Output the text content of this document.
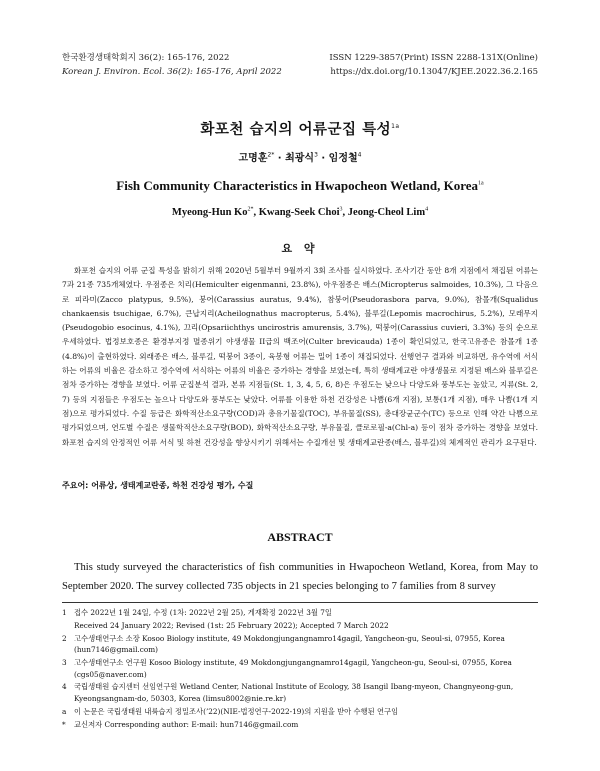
한국환경생태학회지 36(2): 165-176, 2022
Korean J. Environ. Ecol. 36(2): 165-176, April 2022
ISSN 1229-3857(Print) ISSN 2288-131X(Online)
https://dx.doi.org/10.13047/KJEE.2022.36.2.165
화포천 습지의 어류군집 특성$^{1a}$
고명훈$^{2*}$ · 최광식$^3$ · 임정철$^4$
Fish Community Characteristics in Hwapocheon Wetland, Korea$^{1a}$
Myeong-Hun $Ko^{2*}$, Kwang-Seek Choi$^3$, Jeong-Cheol Lim$^4$
요 약

화포천 습지의 어류 군집 특성을 밝히기 위해 2020년 5월부터 9월까지 3회 조사를 실시하였다. 조사기간 동안 8개 지점에서 채집된 어류는 7과 21종 735개체였다. 우점종은 치리(Hemiculter eigenmanni, 23.8%), 아우점종은 배스(Micropterus salmoides, 10.3%), 그 다음으로 피라미(Zacco platypus, 9.5%), 붕어(Carassius auratus, 9.4%), 참붕어(Pseudorasbora parva, 9.0%), 참몰개(Squalidus chankaensis tsuchigae, 6.7%), 큰납지리(Acheilognathus macropterus, 5.4%), 블루길(Lepomis macrochirus, 5.2%), 모래무지(Pseudogobio esocinus, 4.1%), 끄리(Opsariichthys uncirostris amurensis, 3.7%), 떡붕어(Carassius cuvieri, 3.3%) 등의 순으로 우세하였다. 법정보호종은 환경부지정 멸종위기 야생생물 II급의 백조어(Culter brevicauda) 1종이 확인되었고, 한국고유종은 참몰개 1종(4.8%)이 출현하였다. 외래종은 배스, 블루길, 떡붕어 3종이, 육봉형 어류는 밀어 1종이 채집되었다. 선행연구 결과와 비교하면, 유수역에 서식하는 어류의 비율은 감소하고 정수역에 서식하는 어류의 비율은 증가하는 경향을 보였는데, 특히 생태계교란 야생생물로 지정된 배스와 블루길은 점차 증가하는 경향을 보였다. 어류 군집분석 결과, 본류 지점들(St. 1, 3, 4, 5, 6, 8)은 우점도는 낮으나 다양도와 풍부도는 높았고, 지류(St. 2, 7) 등의 지점들은 우점도는 높으나 다양도와 풍부도는 낮았다. 어류를 이용한 하천 건강성은 나쁨(6개 지점), 보통(1개 지점), 매우 나쁨(1개 지점)으로 평가되었다. 수질 등급은 화학적산소요구량(COD)과 총유기물질(TOC), 부유물질(SS), 총대장균군수(TC) 등으로 인해 약간 나쁨으로 평가되었으며, 연도별 수질은 생물학적산소요구량(BOD), 화학적산소요구량, 부유물질, 클로로필-a(Chl-a) 등이 점차 증가하는 경향을 보였다. 화포천 습지의 안정적인 어류 서식 및 하천 건강성을 향상시키기 위해서는 수질개선 및 생태계교란종(배스, 블루길)의 체계적인 관리가 요구된다.

주요어: 어류상, 생태계교란종, 하천 건강성 평가, 수질
ABSTRACT

This study surveyed the characteristics of fish communities in Hwapocheon Wetland, Korea, from May to September 2020. The survey collected 735 objects in 21 species belonging to 7 families from 8 survey

1	접수 2022년 1월 24일, 수정 (1차: 2022년 2월 25), 게재확정 2022년 3월 7일
Received 24 January 2022; Revised (1st: 25 February 2022); Accepted 7 March 2022
2	고수생태연구소 소장 Kosoo Biology institute, 49 Mokdongjungangnamro14gagil, Yangcheon-gu, Seoul-si, 07955, Korea (hun7146@gmail.com)
3	고수생태연구소 연구원 Kosoo Biology institute, 49 Mokdongjungangnamro14gagil, Yangcheon-gu, Seoul-si, 07955, Korea (cgs05@naver.com)
4	국립생태원 습지센터 선임연구원 Wetland Center, National Institute of Ecology, 38 Isangil Ibang-myeon, Changnyeong-gun, Kyeongsangnam-do, 50303, Korea (limsu8002@nie.re.kr)
a	이 논문은 국립생태원 내륙습지 정밀조사(’22)(NIE-법정연구-2022-19)의 지원을 받아 수행된 연구임
*	교신저자 Corresponding author: E-mail: hun7146@gmail.com
